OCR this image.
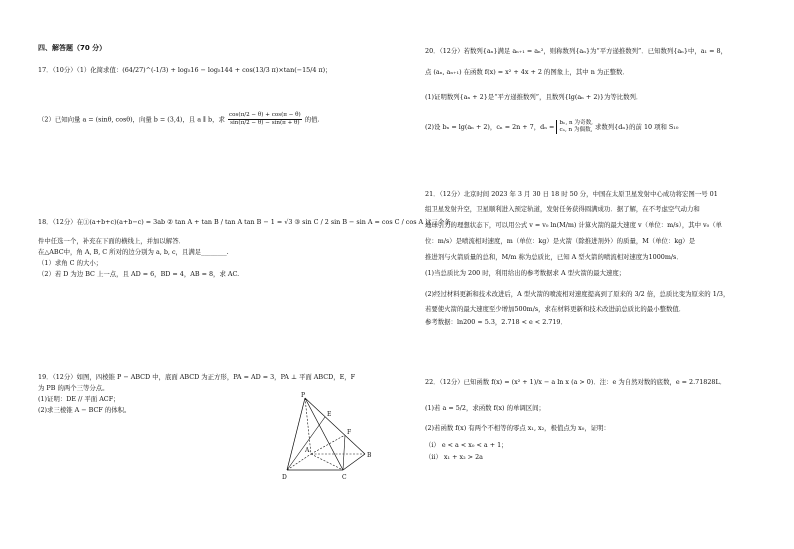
四、解答题（70 分）
17．（10分）（1）化简求值：(64/27)^(-1/3) + log₅16 − log₅144 + cos(13/3 π)×tan(−15/4 π)；
（2）已知向量 a = (sinθ, cosθ)，向量 b = (3,4)，且 a ∥ b，求 $\frac{\cos(\pi/2 - \theta) + \cos(\pi - \theta)}{\sin(\pi/2 - \theta) - \sin(\pi + \theta)}$ 的值.
18．（12分）在①(a+b+c)(a+b−c) = 3ab ② tan A + tan B / tan A tan B − 1 = √3 ③ sin C / 2 sin B − sin A = cos C / cos A 这三个条
件中任选一个，补充在下面的横线上，并加以解答．
在△ABC中，角 A, B, C 所对的边分别为 a, b, c，且满足________.
（1）求角 C 的大小；
（2）若 D 为边 BC 上一点，且 AD = 6，BD = 4，AB = 8，求 AC.
19．（12分）如图，四棱锥 P − ABCD 中，底面 ABCD 为正方形，PA = AD = 3，PA ⊥ 平面 ABCD，E，F
为 PB 的两个三等分点。
(1)证明：DE // 平面 ACF；
(2)求三棱锥 A − BCF 的体积。
P
E
F
A
B
C
D
20．（12分）若数列{aₙ}满足 aₙ₊₁ = aₙ²，则称数列{aₙ}为“平方递推数列”．已知数列{aₙ}中，a₁ = 8，
点 (aₙ, aₙ₊₁) 在函数 f(x) = x² + 4x + 2 的图象上，其中 n 为正整数．
(1)证明数列{aₙ + 2}是“平方递推数列”，且数列{lg(aₙ + 2)}为等比数列．
(2)设 bₙ = lg(aₙ + 2)，cₙ = 2n + 7，dₙ = bₙ, n 为奇数,
cₙ, n 为偶数, 求数列{dₙ}的前 10 项和 S₁₀
21．（12分）北京时间 2023 年 3 月 30 日 18 时 50 分，中国在太原卫星发射中心成功将宏图一号 01
组卫星发射升空，卫星顺利进入预定轨道，发射任务获得圆满成功．据了解，在不考虑空气动力和
地球引力的理想状态下，可以用公式 v = v₀ ln(M/m) 计算火箭的最大速度 v（单位：m/s），其中 v₀（单
位：m/s）是喷流相对速度，m（单位：kg）是火箭（除推进剂外）的质量，M（单位：kg）是
推进剂与火箭质量的总和，M/m 称为总质比，已知 A 型火箭的喷流相对速度为1000m/s．
(1)当总质比为 200 时，利用给出的参考数据求 A 型火箭的最大速度；
(2)经过材料更新和技术改进后，A 型火箭的喷流相对速度提高到了原来的 3/2 倍，总质比变为原来的 1/3，
若要使火箭的最大速度至少增加500m/s，求在材料更新和技术改进前总质比的最小整数值．
参考数据：ln200 ≈ 5.3，2.718 < e < 2.719．
22．（12分）已知函数 f(x) = (x² + 1)/x − a ln x (a > 0)．注：e 为自然对数的底数，e = 2.71828L．
(1)若 a = 5/2，求函数 f(x) 的单调区间；
(2)若函数 f(x) 有两个不相等的零点 x₁, x₂，极值点为 x₀，证明：
（i） e < a < x₀ < a + 1；
（ii） x₁ + x₂ > 2a
